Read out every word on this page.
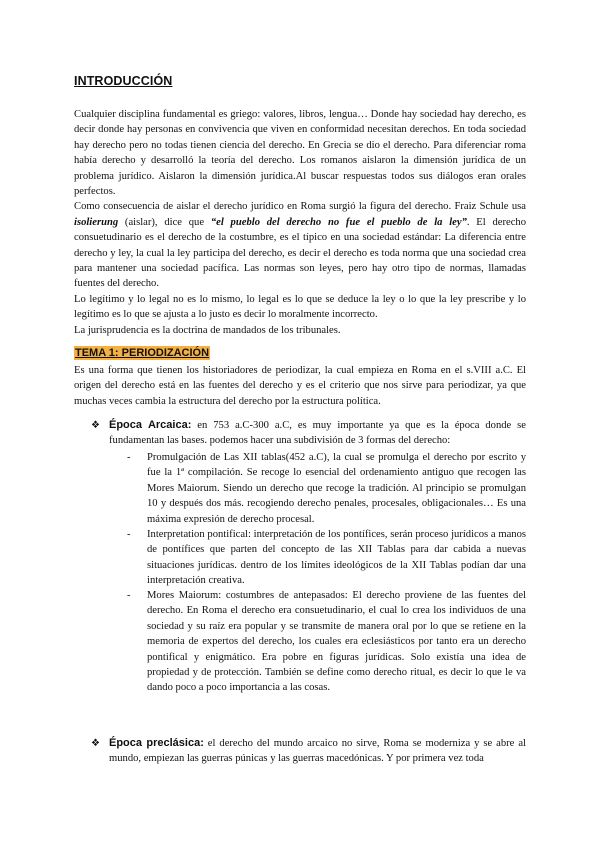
INTRODUCCIÓN

Cualquier disciplina fundamental es griego: valores, libros, lengua… Donde hay sociedad hay derecho, es decir donde hay personas en convivencia que viven en conformidad necesitan derechos. En toda sociedad hay derecho pero no todas tienen ciencia del derecho. En Grecia se dio el derecho. Para diferenciar roma había derecho y desarrolló la teoría del derecho. Los romanos aislaron la dimensión jurídica de un problema jurídico. Aislaron la dimensión jurídica.Al buscar respuestas todos sus diálogos eran orales perfectos.

Como consecuencia de aislar el derecho jurídico en Roma surgió la figura del derecho. Fraiz Schule usa isolierung (aislar), dice que “el pueblo del derecho no fue el pueblo de la ley”. El derecho consuetudinario es el derecho de la costumbre, es el típico en una sociedad estándar: La diferencia entre derecho y ley, la cual la ley participa del derecho, es decir el derecho es toda norma que una sociedad crea para mantener una sociedad pacífica. Las normas son leyes, pero hay otro tipo de normas, llamadas fuentes del derecho.

Lo legítimo y lo legal no es lo mismo, lo legal es lo que se deduce la ley o lo que la ley prescribe y lo legítimo es lo que se ajusta a lo justo es decir lo moralmente incorrecto.

La jurisprudencia es la doctrina de mandados de los tribunales.

TEMA 1: PERIODIZACIÓN

Es una forma que tienen los historiadores de periodizar, la cual empieza en Roma en el s.VIII a.C. El origen del derecho está en las fuentes del derecho y es el criterio que nos sirve para periodizar, ya que muchas veces cambia la estructura del derecho por la estructura política.

❖ Época Arcaica: en 753 a.C-300 a.C, es muy importante ya que es la época donde se fundamentan las bases. podemos hacer una subdivisión de 3 formas del derecho:

- Promulgación de Las XII tablas(452 a.C), la cual se promulga el derecho por escrito y fue la 1ª compilación. Se recoge lo esencial del ordenamiento antiguo que recogen las Mores Maiorum. Siendo un derecho que recoge la tradición. Al principio se promulgan 10 y después dos más. recogiendo derecho penales, procesales, obligacionales… Es una máxima expresión de derecho procesal.

- Interpretation pontifical: interpretación de los pontífices, serán proceso jurídicos a manos de pontífices que parten del concepto de las XII Tablas para dar cabida a nuevas situaciones jurídicas. dentro de los límites ideológicos de la XII Tablas podían dar una interpretación creativa.

- Mores Maiorum: costumbres de antepasados: El derecho proviene de las fuentes del derecho. En Roma el derecho era consuetudinario, el cual lo crea los individuos de una sociedad y su raíz era popular y se transmite de manera oral por lo que se retiene en la memoria de expertos del derecho, los cuales era eclesiásticos por tanto era un derecho pontifical y enigmático. Era pobre en figuras jurídicas. Solo existía una idea de propiedad y de protección. También se define como derecho ritual, es decir lo que le va dando poco a poco importancia a las cosas.

❖ Época preclásica: el derecho del mundo arcaico no sirve, Roma se moderniza y se abre al mundo, empiezan las guerras púnicas y las guerras macedónicas. Y por primera vez toda
